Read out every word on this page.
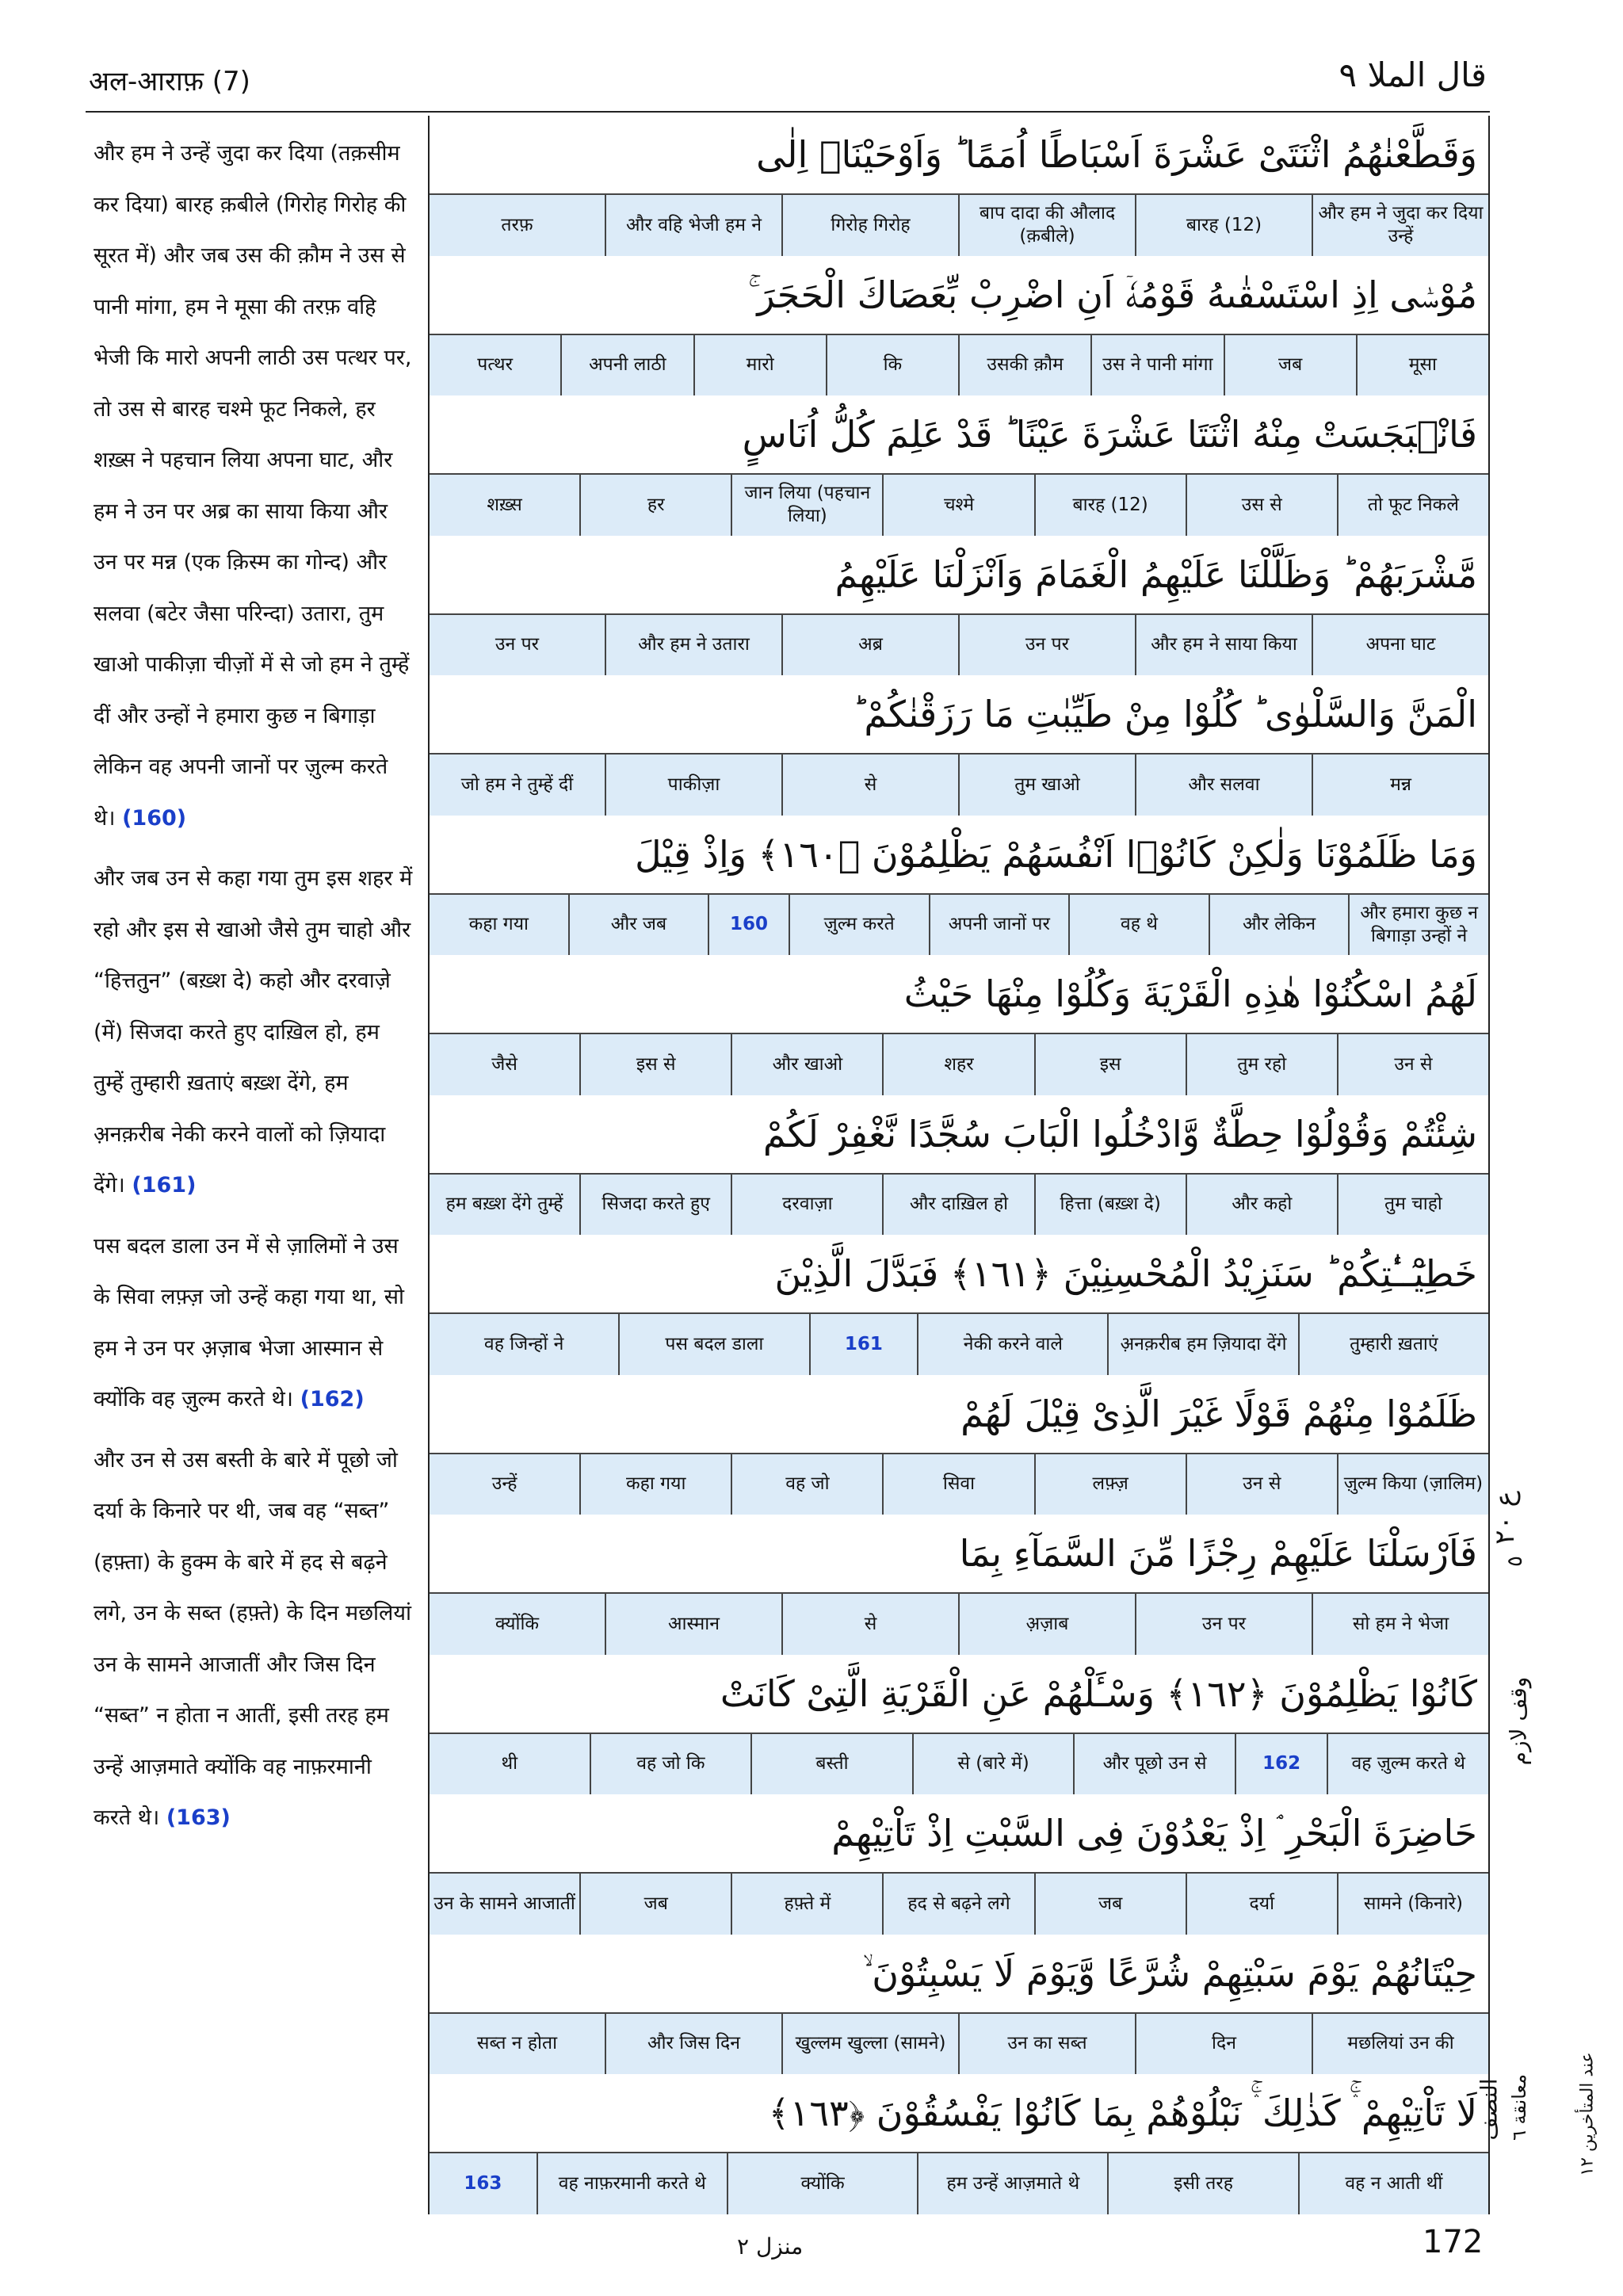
अल-आराफ़ (7)	قال الملا ٩
और हम ने उन्हें जुदा कर दिया (तक़सीम कर दिया) बारह क़बीले (गिरोह गिरोह की सूरत में) और जब उस की क़ौम ने उस से पानी मांगा, हम ने मूसा की तरफ़ वहि भेजी कि मारो अपनी लाठी उस पत्थर पर, तो उस से बारह चश्मे फूट निकले, हर शख़्स ने पहचान लिया अपना घाट, और हम ने उन पर अब्र का साया किया और उन पर मन्न (एक क़िस्म का गोन्द) और सलवा (बटेर जैसा परिन्दा) उतारा, तुम खाओ पाकीज़ा चीज़ों में से जो हम ने तुम्हें दीं और उन्हों ने हमारा कुछ न बिगाड़ा लेकिन वह अपनी जानों पर ज़ुल्म करते थे। (160)
और जब उन से कहा गया तुम इस शहर में रहो और इस से खाओ जैसे तुम चाहो और “हित्ततुन” (बख़्श दे) कहो और दरवाज़े (में) सिजदा करते हुए दाख़िल हो, हम तुम्हें तुम्हारी ख़ताएं बख़्श देंगे, हम अ़नक़रीब नेकी करने वालों को ज़ियादा देंगे। (161)
पस बदल डाला उन में से ज़ालिमों ने उस के सिवा लफ़्ज़ जो उन्हें कहा गया था, सो हम ने उन पर अ़ज़ाब भेजा आस्मान से क्योंकि वह ज़ुल्म करते थे। (162)
और उन से उस बस्ती के बारे में पूछो जो दर्या के किनारे पर थी, जब वह “सब्त” (हफ़्ता) के हुक्म के बारे में हद से बढ़ने लगे, उन के सब्त (हफ़्ते) के दिन मछलियां उन के सामने आजातीं और जिस दिन “सब्त” न होता न आतीं, इसी तरह हम उन्हें आज़माते क्योंकि वह नाफ़रमानी करते थे। (163)
وَقَطَّعْنٰهُمُ اثْنَتَیْ عَشْرَةَ اَسْبَاطًا اُمَمًا ؕ وَاَوْحَیْنَاۤ اِلٰی
और हम ने जुदा कर दिया उन्हें
बारह (12)
बाप दादा की औलाद (क़बीले)
गिरोह गिरोह
और वहि भेजी हम ने
तरफ़
مُوْسٰۤی اِذِ اسْتَسْقٰىهُ قَوْمُهٗۤ اَنِ اضْرِبْ بِّعَصَاكَ الْحَجَرَ ۚ
मूसा
जब
उस ने पानी मांगा
उसकी क़ौम
कि
मारो
अपनी लाठी
पत्थर
فَانْۢبَجَسَتْ مِنْهُ اثْنَتَا عَشْرَةَ عَیْنًا ؕ قَدْ عَلِمَ كُلُّ اُنَاسٍ
तो फूट निकले
उस से
बारह (12)
चश्मे
जान लिया (पहचान लिया)
हर
शख़्स
مَّشْرَبَهُمْ ؕ وَظَلَّلْنَا عَلَیْهِمُ الْغَمَامَ وَاَنْزَلْنَا عَلَیْهِمُ
अपना घाट
और हम ने साया किया
उन पर
अब्र
और हम ने उतारा
उन पर
الْمَنَّ وَالسَّلْوٰی ؕ كُلُوْا مِنْ طَیِّبٰتِ مَا رَزَقْنٰكُمْ ؕ
मन्न
और सलवा
तुम खाओ
से
पाकीज़ा
जो हम ने तुम्हें दीं
وَمَا ظَلَمُوْنَا وَلٰكِنْ كَانُوْۤا اَنْفُسَهُمْ یَظْلِمُوْنَ ﴿١٦٠﴾ وَاِذْ قِیْلَ
और हमारा कुछ न बिगाड़ा उन्हों ने
और लेकिन
वह थे
अपनी जानों पर
ज़ुल्म करते
160
और जब
कहा गया
لَهُمُ اسْكُنُوْا هٰذِهِ الْقَرْیَةَ وَكُلُوْا مِنْهَا حَیْثُ
उन से
तुम रहो
इस
शहर
और खाओ
इस से
जैसे
شِئْتُمْ وَقُوْلُوْا حِطَّةٌ وَّادْخُلُوا الْبَابَ سُجَّدًا نَّغْفِرْ لَكُمْ
तुम चाहो
और कहो
हित्ता (बख़्श दे)
और दाख़िल हो
दरवाज़ा
सिजदा करते हुए
हम बख़्श देंगे तुम्हें
خَطِیْٓــٰٔتِكُمْ ؕ سَنَزِیْدُ الْمُحْسِنِیْنَ ﴿١٦١﴾ فَبَدَّلَ الَّذِیْنَ
तुम्हारी ख़ताएं
अ़नक़रीब हम ज़ियादा देंगे
नेकी करने वाले
161
पस बदल डाला
वह जिन्हों ने
ظَلَمُوْا مِنْهُمْ قَوْلًا غَیْرَ الَّذِیْ قِیْلَ لَهُمْ
ज़ुल्म किया (ज़ालिम)
उन से
लफ़्ज़
सिवा
वह जो
कहा गया
उन्हें
فَاَرْسَلْنَا عَلَیْهِمْ رِجْزًا مِّنَ السَّمَآءِ بِمَا
सो हम ने भेजा
उन पर
अ़ज़ाब
से
आस्मान
क्योंकि
كَانُوْا یَظْلِمُوْنَ ﴿١٦٢﴾ وَسْـَٔلْهُمْ عَنِ الْقَرْیَةِ الَّتِیْ كَانَتْ
वह ज़ुल्म करते थे
162
और पूछो उन से
से (बारे में)
बस्ती
वह जो कि
थी
حَاضِرَةَ الْبَحْرِ ۘ اِذْ یَعْدُوْنَ فِی السَّبْتِ اِذْ تَاْتِیْهِمْ
सामने (किनारे)
दर्या
जब
हद से बढ़ने लगे
हफ़्ते में
जब
उन के सामने आजातीं
حِیْتَانُهُمْ یَوْمَ سَبْتِهِمْ شُرَّعًا وَّیَوْمَ لَا یَسْبِتُوْنَ ۙ
मछलियां उन की
दिन
उन का सब्त
खुल्लम खुल्ला (सामने)
और जिस दिन
सब्त न होता
لَا تَاْتِیْهِمْ ۛۚ كَذٰلِكَ ۛۚ نَبْلُوْهُمْ بِمَا كَانُوْا یَفْسُقُوْنَ ﴿١٦٣﴾
वह न आती थीं
इसी तरह
हम उन्हें आज़माते थे
क्योंकि
वह नाफ़रमानी करते थे
163
ع ٢٠
٥
وقف لازم
النصف معانقة ٦
عند المتأخرين ١٢
منزل ٢	172
